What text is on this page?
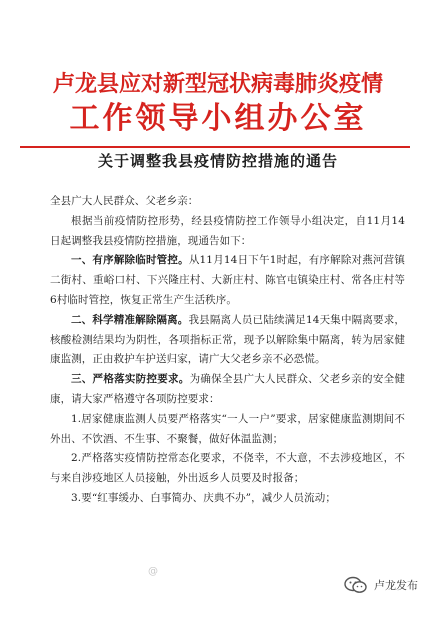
卢龙县应对新型冠状病毒肺炎疫情
工作领导小组办公室
关于调整我县疫情防控措施的通告

全县广大人民群众、父老乡亲：

根据当前疫情防控形势，经县疫情防控工作领导小组决定，自11月14日起调整我县疫情防控措施，现通告如下：

一、有序解除临时管控。从11月14日下午1时起，有序解除对燕河营镇二街村、重峪口村、下兴隆庄村、大新庄村、陈官屯镇染庄村、常各庄村等6村临时管控，恢复正常生产生活秩序。

二、科学精准解除隔离。我县隔离人员已陆续满足14天集中隔离要求，核酸检测结果均为阴性，各项指标正常，现予以解除集中隔离，转为居家健康监测，正由救护车护送归家，请广大父老乡亲不必恐慌。

三、严格落实防控要求。为确保全县广大人民群众、父老乡亲的安全健康，请大家严格遵守各项防控要求：

1.居家健康监测人员要严格落实“一人一户”要求，居家健康监测期间不外出、不饮酒、不生事、不聚餐，做好体温监测；

2.严格落实疫情防控常态化要求，不侥幸，不大意，不去涉疫地区，不与来自涉疫地区人员接触，外出返乡人员要及时报备；

3.要“红事缓办、白事简办、庆典不办”，减少人员流动；

@
卢龙发布
